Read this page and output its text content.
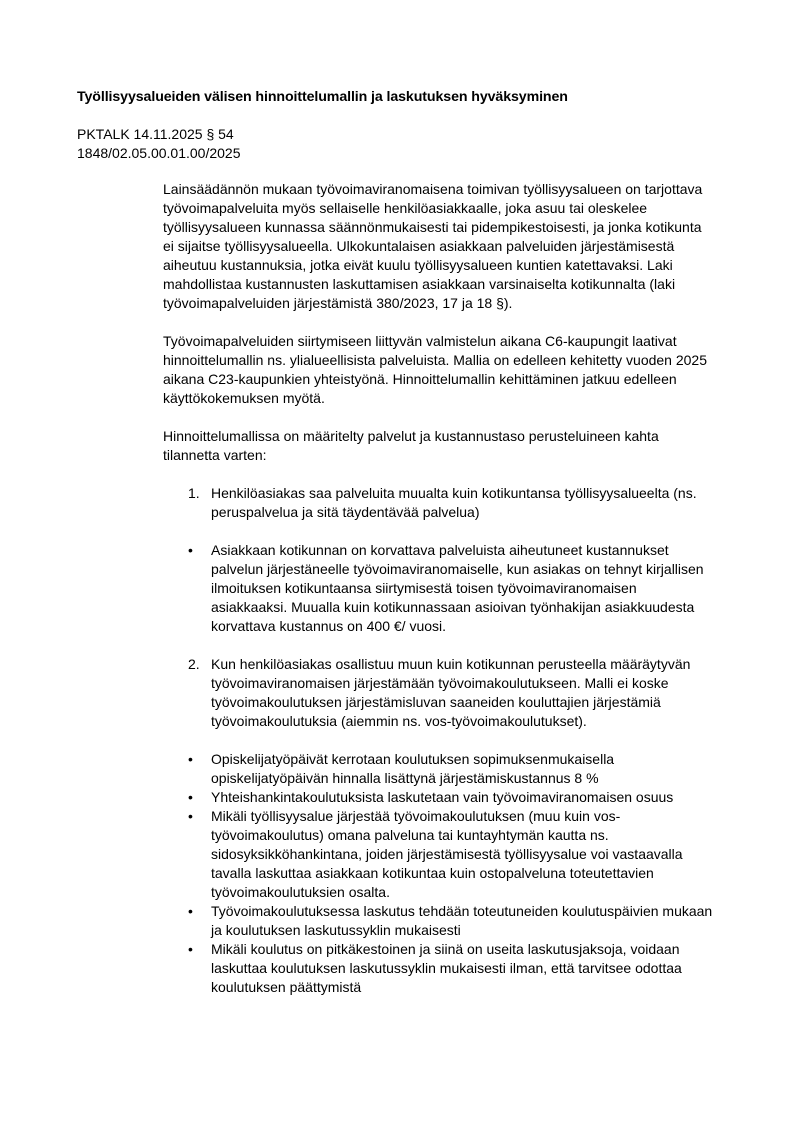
Työllisyysalueiden välisen hinnoittelumallin ja laskutuksen hyväksyminen
PKTALK 14.11.2025 § 54
1848/02.05.00.01.00/2025
Lainsäädännön mukaan työvoimaviranomaisena toimivan työllisyysalueen on tarjottava
työvoimapalveluita myös sellaiselle henkilöasiakkaalle, joka asuu tai oleskelee
työllisyysalueen kunnassa säännönmukaisesti tai pidempikestoisesti, ja jonka kotikunta
ei sijaitse työllisyysalueella. Ulkokuntalaisen asiakkaan palveluiden järjestämisestä
aiheutuu kustannuksia, jotka eivät kuulu työllisyysalueen kuntien katettavaksi. Laki
mahdollistaa kustannusten laskuttamisen asiakkaan varsinaiselta kotikunnalta (laki
työvoimapalveluiden järjestämistä 380/2023, 17 ja 18 §).
Työvoimapalveluiden siirtymiseen liittyvän valmistelun aikana C6-kaupungit laativat
hinnoittelumallin ns. ylialueellisista palveluista. Mallia on edelleen kehitetty vuoden 2025
aikana C23-kaupunkien yhteistyönä. Hinnoittelumallin kehittäminen jatkuu edelleen
käyttökokemuksen myötä.
Hinnoittelumallissa on määritelty palvelut ja kustannustaso perusteluineen kahta
tilannetta varten:
1. Henkilöasiakas saa palveluita muualta kuin kotikuntansa työllisyysalueelta (ns.
peruspalvelua ja sitä täydentävää palvelua)
• Asiakkaan kotikunnan on korvattava palveluista aiheutuneet kustannukset
palvelun järjestäneelle työvoimaviranomaiselle, kun asiakas on tehnyt kirjallisen
ilmoituksen kotikuntaansa siirtymisestä toisen työvoimaviranomaisen
asiakkaaksi. Muualla kuin kotikunnassaan asioivan työnhakijan asiakkuudesta
korvattava kustannus on 400 €/ vuosi.
2. Kun henkilöasiakas osallistuu muun kuin kotikunnan perusteella määräytyvän
työvoimaviranomaisen järjestämään työvoimakoulutukseen. Malli ei koske
työvoimakoulutuksen järjestämisluvan saaneiden kouluttajien järjestämiä
työvoimakoulutuksia (aiemmin ns. vos-työvoimakoulutukset).
• Opiskelijatyöpäivät kerrotaan koulutuksen sopimuksenmukaisella
opiskelijatyöpäivän hinnalla lisättynä järjestämiskustannus 8 %
• Yhteishankintakoulutuksista laskutetaan vain työvoimaviranomaisen osuus
• Mikäli työllisyysalue järjestää työvoimakoulutuksen (muu kuin vos-
työvoimakoulutus) omana palveluna tai kuntayhtymän kautta ns.
sidosyksikköhankintana, joiden järjestämisestä työllisyysalue voi vastaavalla
tavalla laskuttaa asiakkaan kotikuntaa kuin ostopalveluna toteutettavien
työvoimakoulutuksien osalta.
• Työvoimakoulutuksessa laskutus tehdään toteutuneiden koulutuspäivien mukaan
ja koulutuksen laskutussyklin mukaisesti
• Mikäli koulutus on pitkäkestoinen ja siinä on useita laskutusjaksoja, voidaan
laskuttaa koulutuksen laskutussyklin mukaisesti ilman, että tarvitsee odottaa
koulutuksen päättymistä
